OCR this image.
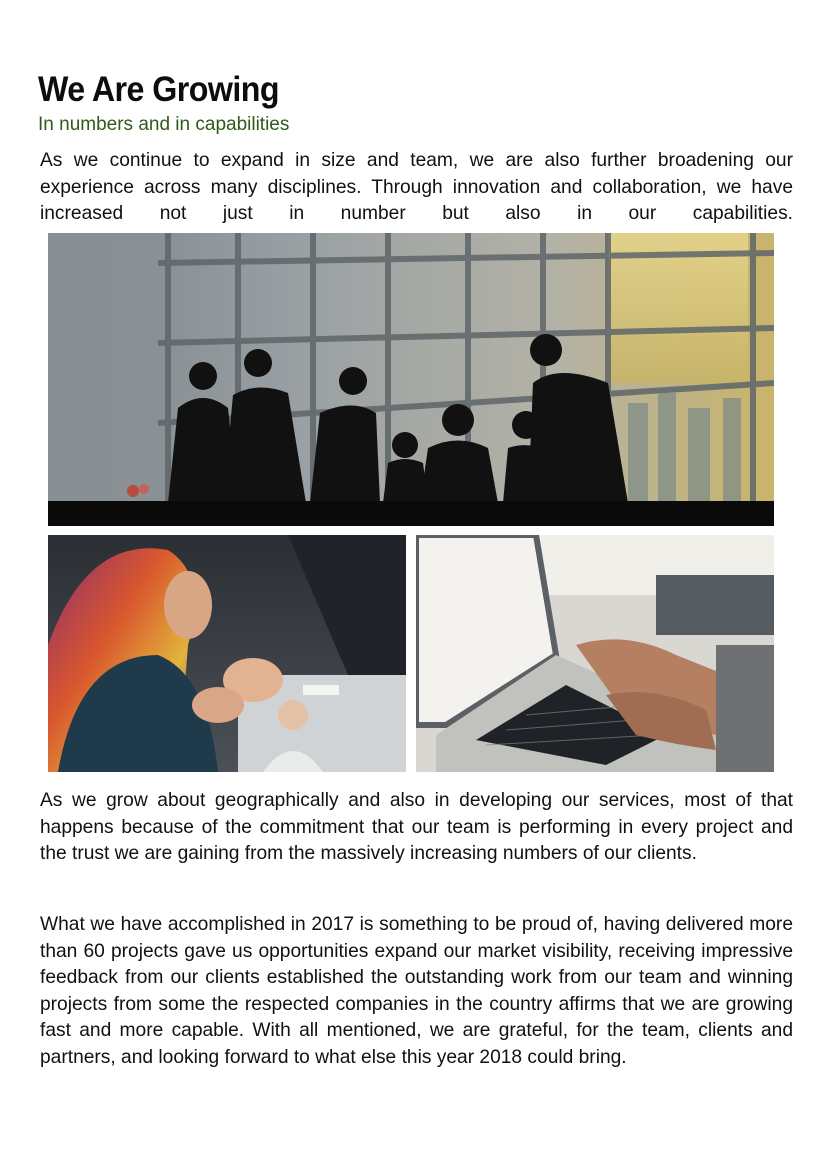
We Are Growing
In numbers and in capabilities

As we continue to expand in size and team, we are also further broadening our experience across many disciplines. Through innovation and collaboration, we have increased not just in number but also in our capabilities.

As we grow about geographically and also in developing our services, most of that happens because of the commitment that our team is performing in every project and the trust we are gaining from the massively increasing numbers of our clients.

What we have accomplished in 2017 is something to be proud of, having delivered more than 60 projects gave us opportunities expand our market visibility, receiving impressive feedback from our clients established the outstanding work from our team and winning projects from some the respected companies in the country affirms that we are growing fast and more capable. With all mentioned, we are grateful, for the team, clients and partners, and looking forward to what else this year 2018 could bring.
